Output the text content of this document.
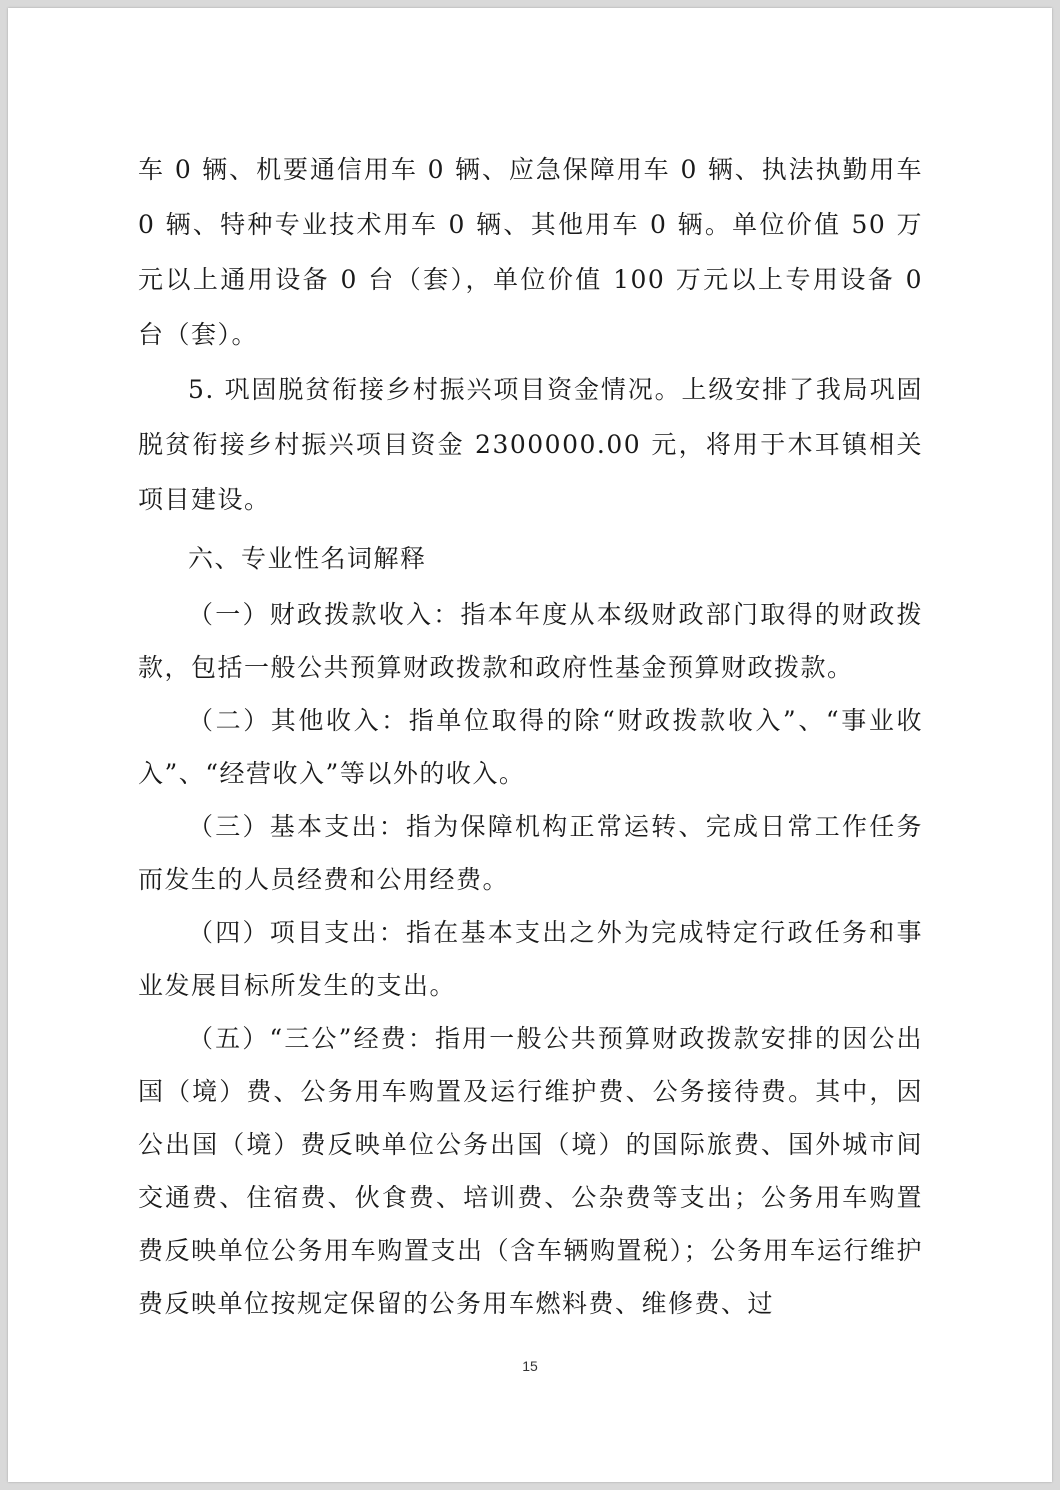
车 0 辆、机要通信用车 0 辆、应急保障用车 0 辆、执法执勤用车 0 辆、特种专业技术用车 0 辆、其他用车 0 辆。单位价值 50 万元以上通用设备 0 台（套），单位价值 100 万元以上专用设备 0 台（套）。

5. 巩固脱贫衔接乡村振兴项目资金情况。上级安排了我局巩固脱贫衔接乡村振兴项目资金 2300000.00 元，将用于木耳镇相关项目建设。

六、专业性名词解释

（一）财政拨款收入：指本年度从本级财政部门取得的财政拨款，包括一般公共预算财政拨款和政府性基金预算财政拨款。

（二）其他收入：指单位取得的除“财政拨款收入”、“事业收入”、“经营收入”等以外的收入。

（三）基本支出：指为保障机构正常运转、完成日常工作任务而发生的人员经费和公用经费。

（四）项目支出：指在基本支出之外为完成特定行政任务和事业发展目标所发生的支出。

（五）“三公”经费：指用一般公共预算财政拨款安排的因公出国（境）费、公务用车购置及运行维护费、公务接待费。其中，因公出国（境）费反映单位公务出国（境）的国际旅费、国外城市间交通费、住宿费、伙食费、培训费、公杂费等支出；公务用车购置费反映单位公务用车购置支出（含车辆购置税）；公务用车运行维护费反映单位按规定保留的公务用车燃料费、维修费、过

15
